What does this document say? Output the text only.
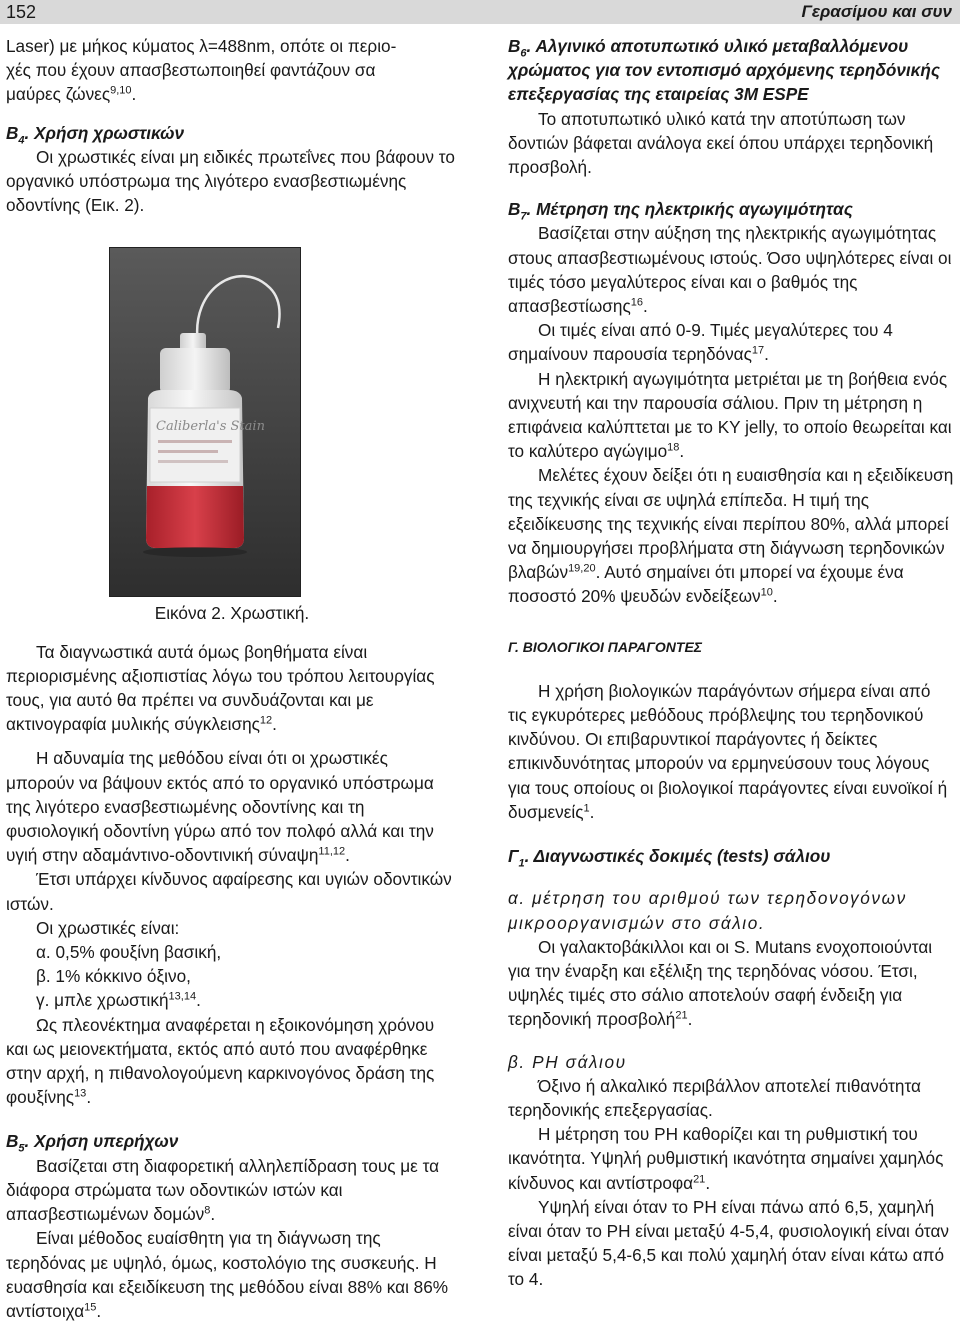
152	Γερασίμου και συν

Laser) με μήκος κύματος λ=488nm, οπότε οι περιο-
χές που έχουν απασβεστωποιηθεί φαντάζουν σα
μαύρες ζώνες$^{9,10}$.

$B_4$. Χρήση χρωστικών

Οι χρωστικές είναι μη ειδικές πρωτεΐνες που βάφουν το οργανικό υπόστρωμα της λιγότερο ενασβεστιωμένης οδοντίνης (Εικ. 2).

Caliberla's Stain

Εικόνα 2. Χρωστική.

Τα διαγνωστικά αυτά όμως βοηθήματα είναι περιορισμένης αξιοπιστίας λόγω του τρόπου λειτουργίας τους, για αυτό θα πρέπει να συνδυάζονται και με ακτινογραφία μυλικής σύγκλεισης$^{12}$.

Η αδυναμία της μεθόδου είναι ότι οι χρωστικές μπορούν να βάψουν εκτός από το οργανικό υπόστρωμα της λιγότερο ενασβεστιωμένης οδοντίνης και τη φυσιολογική οδοντίνη γύρω από τον πολφό αλλά και την υγιή στην αδαμάντινο-οδοντινική σύναψη$^{11,12}$.

Έτσι υπάρχει κίνδυνος αφαίρεσης και υγιών οδοντικών ιστών.

Οι χρωστικές είναι:

α. 0,5% φουξίνη βασική,

β. 1% κόκκινο όξινο,

γ. μπλε χρωστική$^{13,14}$.

Ως πλεονέκτημα αναφέρεται η εξοικονόμηση χρόνου και ως μειονεκτήματα, εκτός από αυτό που αναφέρθηκε στην αρχή, η πιθανολογούμενη καρκινογόνος δράση της φουξίνης$^{13}$.

$B_5$. Χρήση υπερήχων

Βασίζεται στη διαφορετική αλληλεπίδραση τους με τα διάφορα στρώματα των οδοντικών ιστών και απασβεστιωμένων δομών$^8$.

Είναι μέθοδος ευαίσθητη για τη διάγνωση της τερηδόνας με υψηλό, όμως, κοστολόγιο της συσκευής. Η ευασθησία και εξειδίκευση της μεθόδου είναι 88% και 86% αντίστοιχα$^{15}$.

$B_6$. Αλγινικό αποτυπωτικό υλικό μεταβαλλόμενου χρώματος για τον εντοπισμό αρχόμενης τερηδόνικής επεξεργασίας της εταιρείας 3M ESPE

Το αποτυπωτικό υλικό κατά την αποτύπωση των δοντιών βάφεται ανάλογα εκεί όπου υπάρχει τερηδονική προσβολή.

$B_7$. Μέτρηση της ηλεκτρικής αγωγιμότητας

Βασίζεται στην αύξηση της ηλεκτρικής αγωγιμότητας στους απασβεστιωμένους ιστούς. Όσο υψηλότερες είναι οι τιμές τόσο μεγαλύτερος είναι και ο βαθμός της απασβεστίωσης$^{16}$.

Οι τιμές είναι από 0-9. Τιμές μεγαλύτερες του 4 σημαίνουν παρουσία τερηδόνας$^{17}$.

Η ηλεκτρική αγωγιμότητα μετριέται με τη βοήθεια ενός ανιχνευτή και την παρουσία σάλιου. Πριν τη μέτρηση η επιφάνεια καλύπτεται με το KY jelly, το οποίο θεωρείται και το καλύτερο αγώγιμο$^{18}$.

Μελέτες έχουν δείξει ότι η ευαισθησία και η εξειδίκευση της τεχνικής είναι σε υψηλά επίπεδα. Η τιμή της εξειδίκευσης της τεχνικής είναι περίπου 80%, αλλά μπορεί να δημιουργήσει προβλήματα στη διάγνωση τερηδονικών βλαβών$^{19,20}$. Αυτό σημαίνει ότι μπορεί να έχουμε ένα ποσοστό 20% ψευδών ενδείξεων$^{10}$.

Γ. ΒΙΟΛΟΓΙΚΟΙ ΠΑΡΑΓΟΝΤΕΣ

Η χρήση βιολογικών παράγόντων σήμερα είναι από τις εγκυρότερες μεθόδους πρόβλεψης του τερηδονικού κινδύνου. Οι επιβαρυντικοί παράγοντες ή δείκτες επικινδυνότητας μπορούν να ερμηνεύσουν τους λόγους για τους οποίους οι βιολογικοί παράγοντες είναι ευνοϊκοί ή δυσμενείς$^1$.

$\Gamma_1$. Διαγνωστικές δοκιμές (tests) σάλιου

α. μέτρηση του αριθμού των τερηδονογόνων μικροοργανισμών στο σάλιο.

Οι γαλακτοβάκιλλοι και οι S. Mutans ενοχοποιούνται για την έναρξη και εξέλιξη της τερηδόνας νόσου. Έτσι, υψηλές τιμές στο σάλιο αποτελούν σαφή ένδειξη για τερηδονική προσβολή$^{21}$.

β. PH σάλιου

Όξινο ή αλκαλικό περιβάλλον αποτελεί πιθανότητα τερηδονικής επεξεργασίας.

Η μέτρηση του PH καθορίζει και τη ρυθμιστική του ικανότητα. Υψηλή ρυθμιστική ικανότητα σημαίνει χαμηλός κίνδυνος και αντίστροφα$^{21}$.

Υψηλή είναι όταν το PH είναι πάνω από 6,5, χαμηλή είναι όταν το PH είναι μεταξύ 4-5,4, φυσιολογική είναι όταν είναι μεταξύ 5,4-6,5 και πολύ χαμηλή όταν είναι κάτω από το 4.
